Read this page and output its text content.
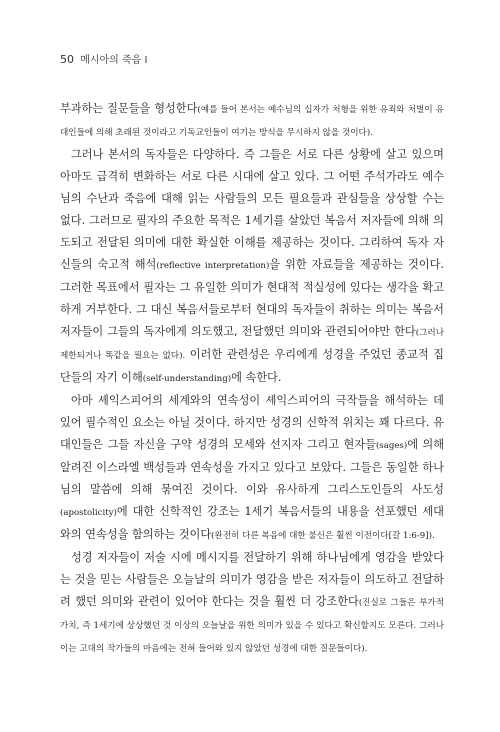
50 메시아의 죽음 I

부과하는 질문들을 형성한다(예를 들어 본서는 예수님의 십자가 처형을 위한 유죄와 처벌이 유대인들에 의해 초래된 것이라고 기독교인들이 여기는 방식을 무시하지 않을 것이다).

그러나 본서의 독자들은 다양하다. 즉 그들은 서로 다른 상황에 살고 있으며 아마도 급격히 변화하는 서로 다른 시대에 살고 있다. 그 어떤 주석가라도 예수님의 수난과 죽음에 대해 읽는 사람들의 모든 필요들과 관심들을 상상할 수는 없다. 그러므로 필자의 주요한 목적은 1세기를 살았던 복음서 저자들에 의해 의도되고 전달된 의미에 대한 확실한 이해를 제공하는 것이다. 그리하여 독자 자신들의 숙고적 해석(reflective interpretation)을 위한 자료들을 제공하는 것이다. 그러한 목표에서 필자는 그 유일한 의미가 현대적 적실성에 있다는 생각을 확고하게 거부한다. 그 대신 복음서들로부터 현대의 독자들이 취하는 의미는 복음서 저자들이 그들의 독자에게 의도했고, 전달했던 의미와 관련되어야만 한다(그러나 제한되거나 똑같을 필요는 없다). 이러한 관련성은 우리에게 성경을 주었던 종교적 집단들의 자기 이해(self-understanding)에 속한다.

아마 셰익스피어의 세계와의 연속성이 셰익스피어의 극작들을 해석하는 데 있어 필수적인 요소는 아닐 것이다. 하지만 성경의 신학적 위치는 꽤 다르다. 유대인들은 그들 자신을 구약 성경의 모세와 선지자 그리고 현자들(sages)에 의해 알려진 이스라엘 백성들과 연속성을 가지고 있다고 보았다. 그들은 동일한 하나님의 말씀에 의해 묶여진 것이다. 이와 유사하게 그리스도인들의 사도성(apostolicity)에 대한 신학적인 강조는 1세기 복음서들의 내용을 선포했던 세대와의 연속성을 함의하는 것이다(완전히 다른 복음에 대한 불신은 훨씬 이전이다[갈 1:6-9]).

성경 저자들이 저술 시에 메시지를 전달하기 위해 하나님에게 영감을 받았다는 것을 믿는 사람들은 오늘날의 의미가 영감을 받은 저자들이 의도하고 전달하려 했던 의미와 관련이 있어야 한다는 것을 훨씬 더 강조한다(진실로 그들은 부가적 가치, 즉 1세기에 상상했던 것 이상의 오늘날을 위한 의미가 있을 수 있다고 확신할지도 모른다. 그러나 이는 고대의 작가들의 마음에는 전혀 들어와 있지 않았던 성경에 대한 질문들이다).
